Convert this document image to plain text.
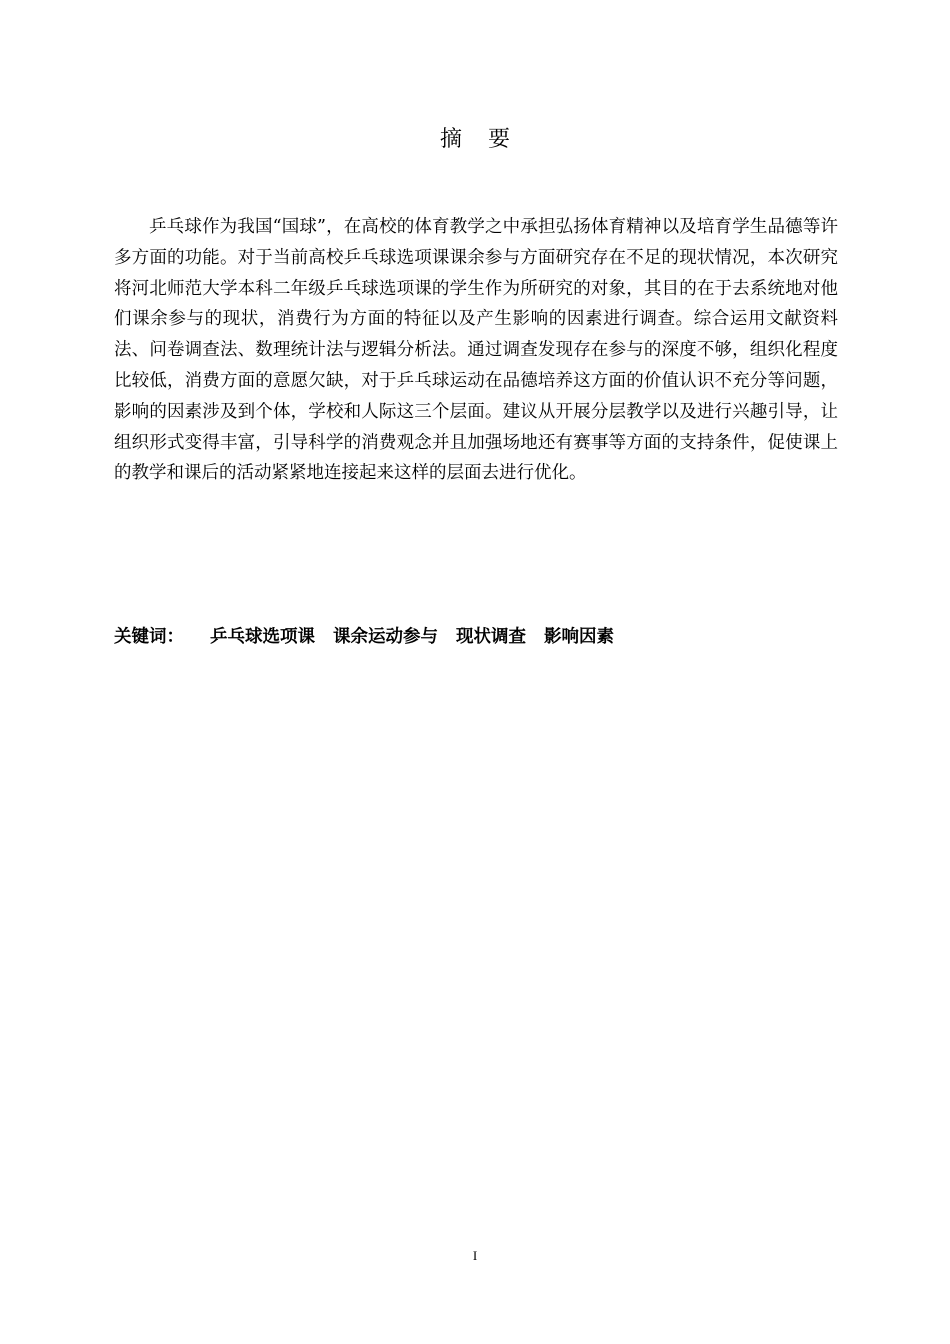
摘要

乒乓球作为我国“国球”，在高校的体育教学之中承担弘扬体育精神以及培育学生品德等许多方面的功能。对于当前高校乒乓球选项课课余参与方面研究存在不足的现状情况，本次研究将河北师范大学本科二年级乒乓球选项课的学生作为所研究的对象，其目的在于去系统地对他们课余参与的现状，消费行为方面的特征以及产生影响的因素进行调查。综合运用文献资料法、问卷调查法、数理统计法与逻辑分析法。通过调查发现存在参与的深度不够，组织化程度比较低，消费方面的意愿欠缺，对于乒乓球运动在品德培养这方面的价值认识不充分等问题，影响的因素涉及到个体，学校和人际这三个层面。建议从开展分层教学以及进行兴趣引导，让组织形式变得丰富，引导科学的消费观念并且加强场地还有赛事等方面的支持条件，促使课上的教学和课后的活动紧紧地连接起来这样的层面去进行优化。

关键词： 乒乓球选项课 课余运动参与 现状调查 影响因素
I
